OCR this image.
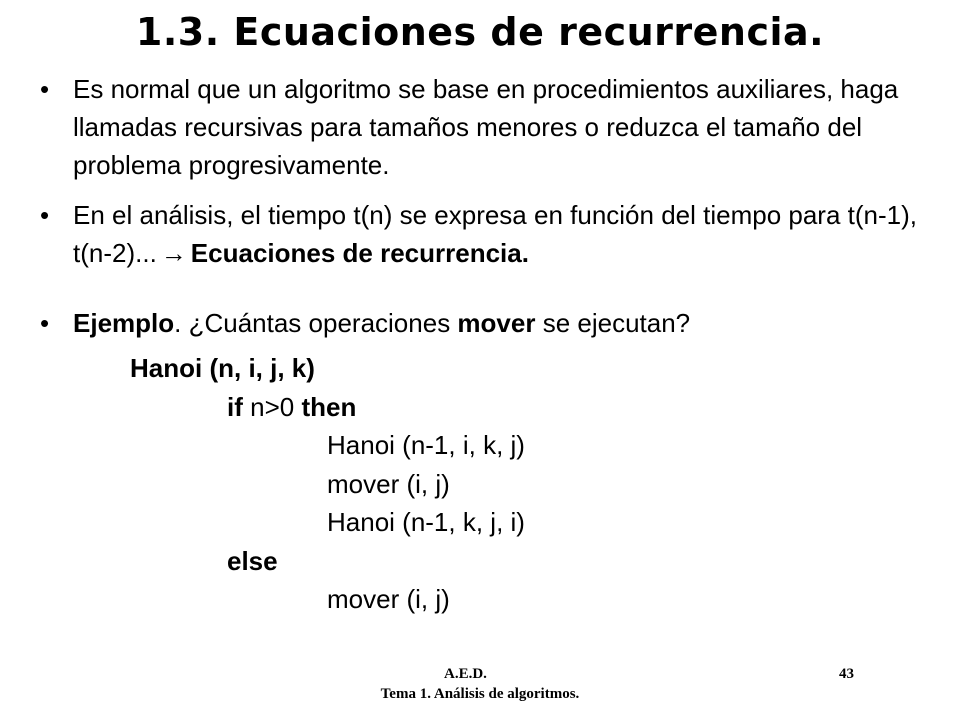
1.3. Ecuaciones de recurrencia.
• Es normal que un algoritmo se base en procedimientos auxiliares, haga llamadas recursivas para tamaños menores o reduzca el tamaño del problema progresivamente.
• En el análisis, el tiempo t(n) se expresa en función del tiempo para t(n-1), t(n-2)... → Ecuaciones de recurrencia.
• Ejemplo. ¿Cuántas operaciones mover se ejecutan?
Hanoi (n, i, j, k)
if n>0 then
Hanoi (n-1, i, k, j)
mover (i, j)
Hanoi (n-1, k, j, i)
else
mover (i, j)
A.E.D.	43
Tema 1. Análisis de algoritmos.
